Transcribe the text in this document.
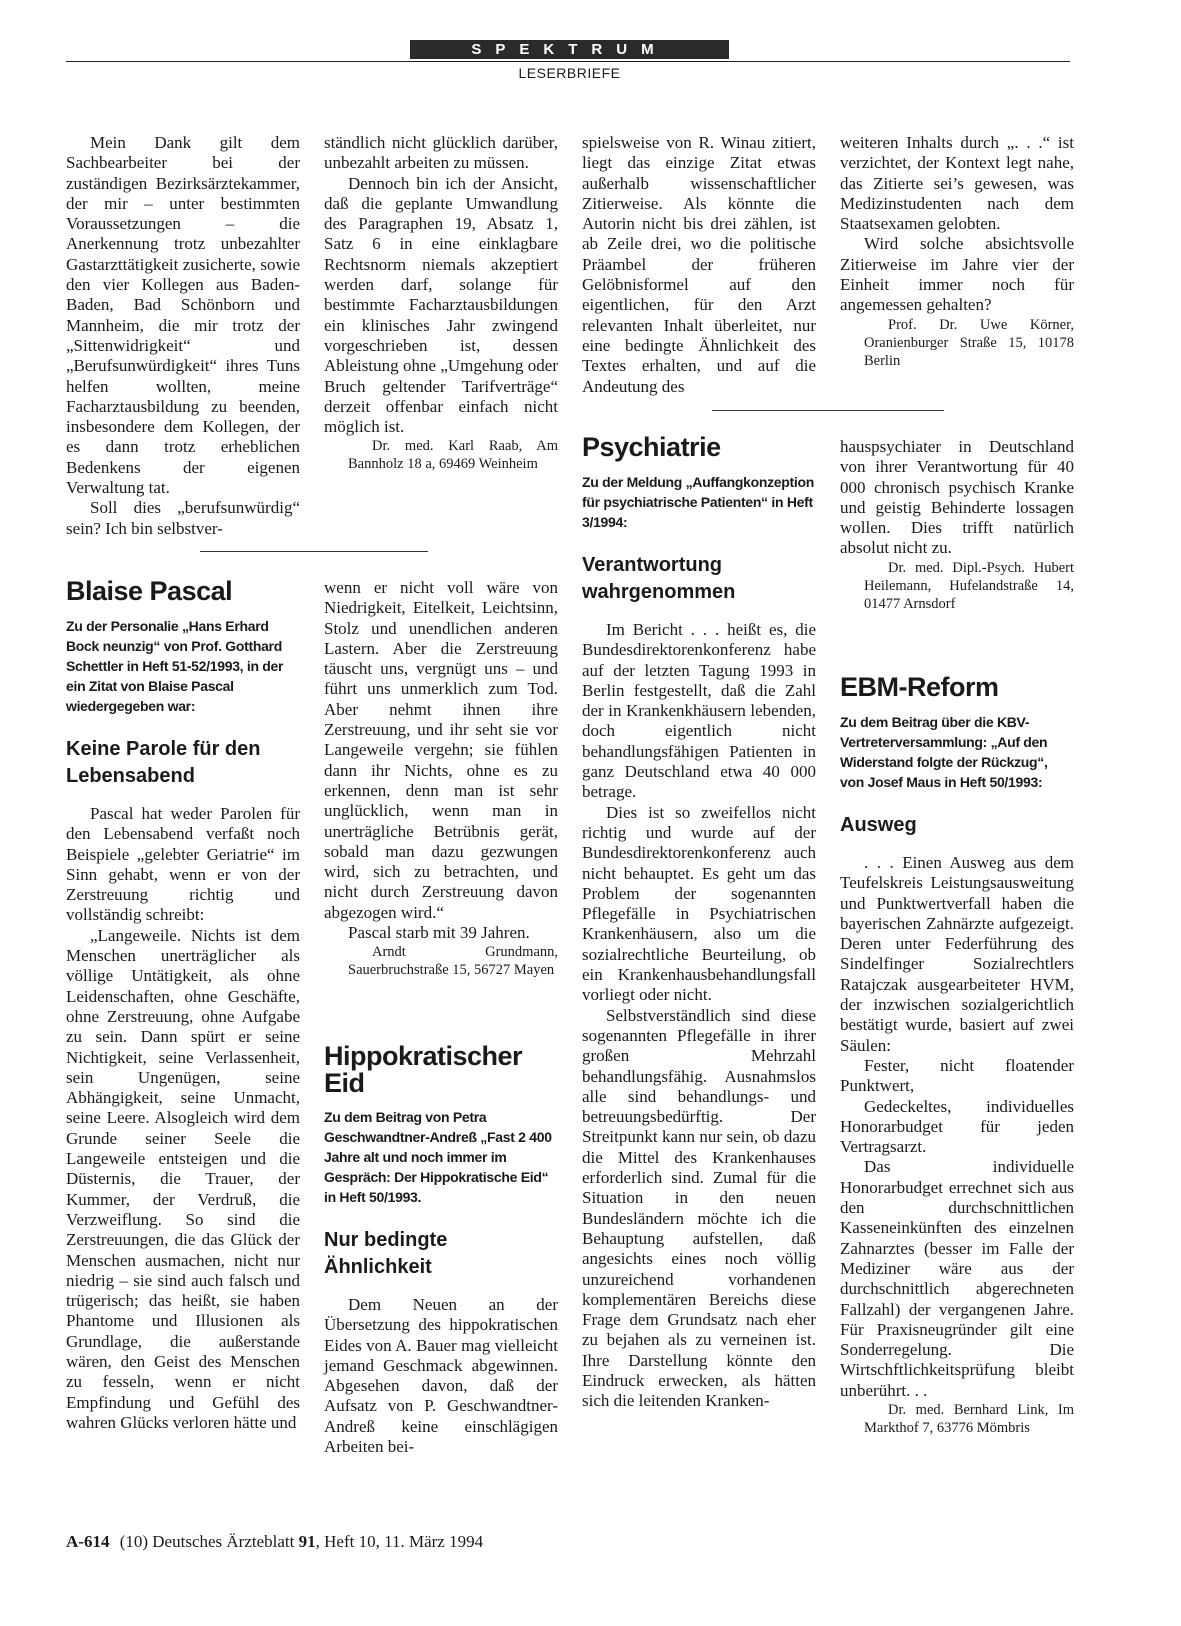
SPEKTRUM
LESERBRIEFE

Mein Dank gilt dem Sachbearbeiter bei der zuständigen Bezirksärztekammer, der mir – unter bestimmten Voraussetzungen – die Anerkennung trotz unbezahlter Gastarzttätigkeit zusicherte, sowie den vier Kollegen aus Baden-Baden, Bad Schönborn und Mannheim, die mir trotz der „Sittenwidrigkeit“ und „Berufsunwürdigkeit“ ihres Tuns helfen wollten, meine Facharztausbildung zu beenden, insbesondere dem Kollegen, der es dann trotz erheblichen Bedenkens der eigenen Verwaltung tat.

Soll dies „berufsunwürdig“ sein? Ich bin selbstver-

ständlich nicht glücklich darüber, unbezahlt arbeiten zu müssen.

Dennoch bin ich der Ansicht, daß die geplante Umwandlung des Paragraphen 19, Absatz 1, Satz 6 in eine einklagbare Rechtsnorm niemals akzeptiert werden darf, solange für bestimmte Facharztausbildungen ein klinisches Jahr zwingend vorgeschrieben ist, dessen Ableistung ohne „Umgehung oder Bruch geltender Tarifverträge“ derzeit offenbar einfach nicht möglich ist.

Dr. med. Karl Raab, Am Bannholz 18 a, 69469 Weinheim

spielsweise von R. Winau zitiert, liegt das einzige Zitat etwas außerhalb wissenschaftlicher Zitierweise. Als könnte die Autorin nicht bis drei zählen, ist ab Zeile drei, wo die politische Präambel der früheren Gelöbnisformel auf den eigentlichen, für den Arzt relevanten Inhalt überleitet, nur eine bedingte Ähnlichkeit des Textes erhalten, und auf die Andeutung des

weiteren Inhalts durch „. . .“ ist verzichtet, der Kontext legt nahe, das Zitierte sei’s gewesen, was Medizinstudenten nach dem Staatsexamen gelobten.

Wird solche absichtsvolle Zitierweise im Jahre vier der Einheit immer noch für angemessen gehalten?

Prof. Dr. Uwe Körner, Oranienburger Straße 15, 10178 Berlin

Blaise Pascal
Zu der Personalie „Hans Erhard Bock neunzig“ von Prof. Gotthard Schettler in Heft 51-52/1993, in der ein Zitat von Blaise Pascal wiedergegeben war:
Keine Parole für den Lebensabend

Pascal hat weder Parolen für den Lebensabend verfaßt noch Beispiele „gelebter Geriatrie“ im Sinn gehabt, wenn er von der Zerstreuung richtig und vollständig schreibt:

„Langeweile. Nichts ist dem Menschen unerträglicher als völlige Untätigkeit, als ohne Leidenschaften, ohne Geschäfte, ohne Zerstreuung, ohne Aufgabe zu sein. Dann spürt er seine Nichtigkeit, seine Verlassenheit, sein Ungenügen, seine Abhängigkeit, seine Unmacht, seine Leere. Alsogleich wird dem Grunde seiner Seele die Langeweile entsteigen und die Düsternis, die Trauer, der Kummer, der Verdruß, die Verzweiflung. So sind die Zerstreuungen, die das Glück der Menschen ausmachen, nicht nur niedrig – sie sind auch falsch und trügerisch; das heißt, sie haben Phantome und Illusionen als Grundlage, die außerstande wären, den Geist des Menschen zu fesseln, wenn er nicht Empfindung und Gefühl des wahren Glücks verloren hätte und

wenn er nicht voll wäre von Niedrigkeit, Eitelkeit, Leichtsinn, Stolz und unendlichen anderen Lastern. Aber die Zerstreuung täuscht uns, vergnügt uns – und führt uns unmerklich zum Tod. Aber nehmt ihnen ihre Zerstreuung, und ihr seht sie vor Langeweile vergehn; sie fühlen dann ihr Nichts, ohne es zu erkennen, denn man ist sehr unglücklich, wenn man in unerträgliche Betrübnis gerät, sobald man dazu gezwungen wird, sich zu betrachten, und nicht durch Zerstreuung davon abgezogen wird.“

Pascal starb mit 39 Jahren.

Arndt Grundmann, Sauerbruchstraße 15, 56727 Mayen

Hippokratischer Eid
Zu dem Beitrag von Petra Geschwandtner-Andreß „Fast 2 400 Jahre alt und noch immer im Gespräch: Der Hippokratische Eid“ in Heft 50/1993.
Nur bedingte Ähnlichkeit

Dem Neuen an der Übersetzung des hippokratischen Eides von A. Bauer mag vielleicht jemand Geschmack abgewinnen. Abgesehen davon, daß der Aufsatz von P. Geschwandtner-Andreß keine einschlägigen Arbeiten bei-

Psychiatrie
Zu der Meldung „Auffangkonzeption für psychiatrische Patienten“ in Heft 3/1994:
Verantwortung wahrgenommen

Im Bericht . . . heißt es, die Bundesdirektorenkonferenz habe auf der letzten Tagung 1993 in Berlin festgestellt, daß die Zahl der in Krankenkhäusern lebenden, doch eigentlich nicht behandlungsfähigen Patienten in ganz Deutschland etwa 40 000 betrage.

Dies ist so zweifellos nicht richtig und wurde auf der Bundesdirektorenkonferenz auch nicht behauptet. Es geht um das Problem der sogenannten Pflegefälle in Psychiatrischen Krankenhäusern, also um die sozialrechtliche Beurteilung, ob ein Krankenhausbehandlungsfall vorliegt oder nicht.

Selbstverständlich sind diese sogenannten Pflegefälle in ihrer großen Mehrzahl behandlungsfähig. Ausnahmslos alle sind behandlungs- und betreuungsbedürftig. Der Streitpunkt kann nur sein, ob dazu die Mittel des Krankenhauses erforderlich sind. Zumal für die Situation in den neuen Bundesländern möchte ich die Behauptung aufstellen, daß angesichts eines noch völlig unzureichend vorhandenen komplementären Bereichs diese Frage dem Grundsatz nach eher zu bejahen als zu verneinen ist. Ihre Darstellung könnte den Eindruck erwecken, als hätten sich die leitenden Kranken-

hauspsychiater in Deutschland von ihrer Verantwortung für 40 000 chronisch psychisch Kranke und geistig Behinderte lossagen wollen. Dies trifft natürlich absolut nicht zu.

Dr. med. Dipl.-Psych. Hubert Heilemann, Hufelandstraße 14, 01477 Arnsdorf

EBM-Reform
Zu dem Beitrag über die KBV-Vertreterversammlung: „Auf den Widerstand folgte der Rückzug“, von Josef Maus in Heft 50/1993:
Ausweg

. . . Einen Ausweg aus dem Teufelskreis Leistungsausweitung und Punktwertverfall haben die bayerischen Zahnärzte aufgezeigt. Deren unter Federführung des Sindelfinger Sozialrechtlers Ratajczak ausgearbeiteter HVM, der inzwischen sozialgerichtlich bestätigt wurde, basiert auf zwei Säulen:

Fester, nicht floatender Punktwert,

Gedeckeltes, individuelles Honorarbudget für jeden Vertragsarzt.

Das individuelle Honorarbudget errechnet sich aus den durchschnittlichen Kasseneinkünften des einzelnen Zahnarztes (besser im Falle der Mediziner wäre aus der durchschnittlich abgerechneten Fallzahl) der vergangenen Jahre. Für Praxisneugründer gilt eine Sonderregelung. Die Wirtschftlichkeitsprüfung bleibt unberührt. . .

Dr. med. Bernhard Link, Im Markthof 7, 63776 Mömbris

A-614 (10) Deutsches Ärzteblatt 91, Heft 10, 11. März 1994
